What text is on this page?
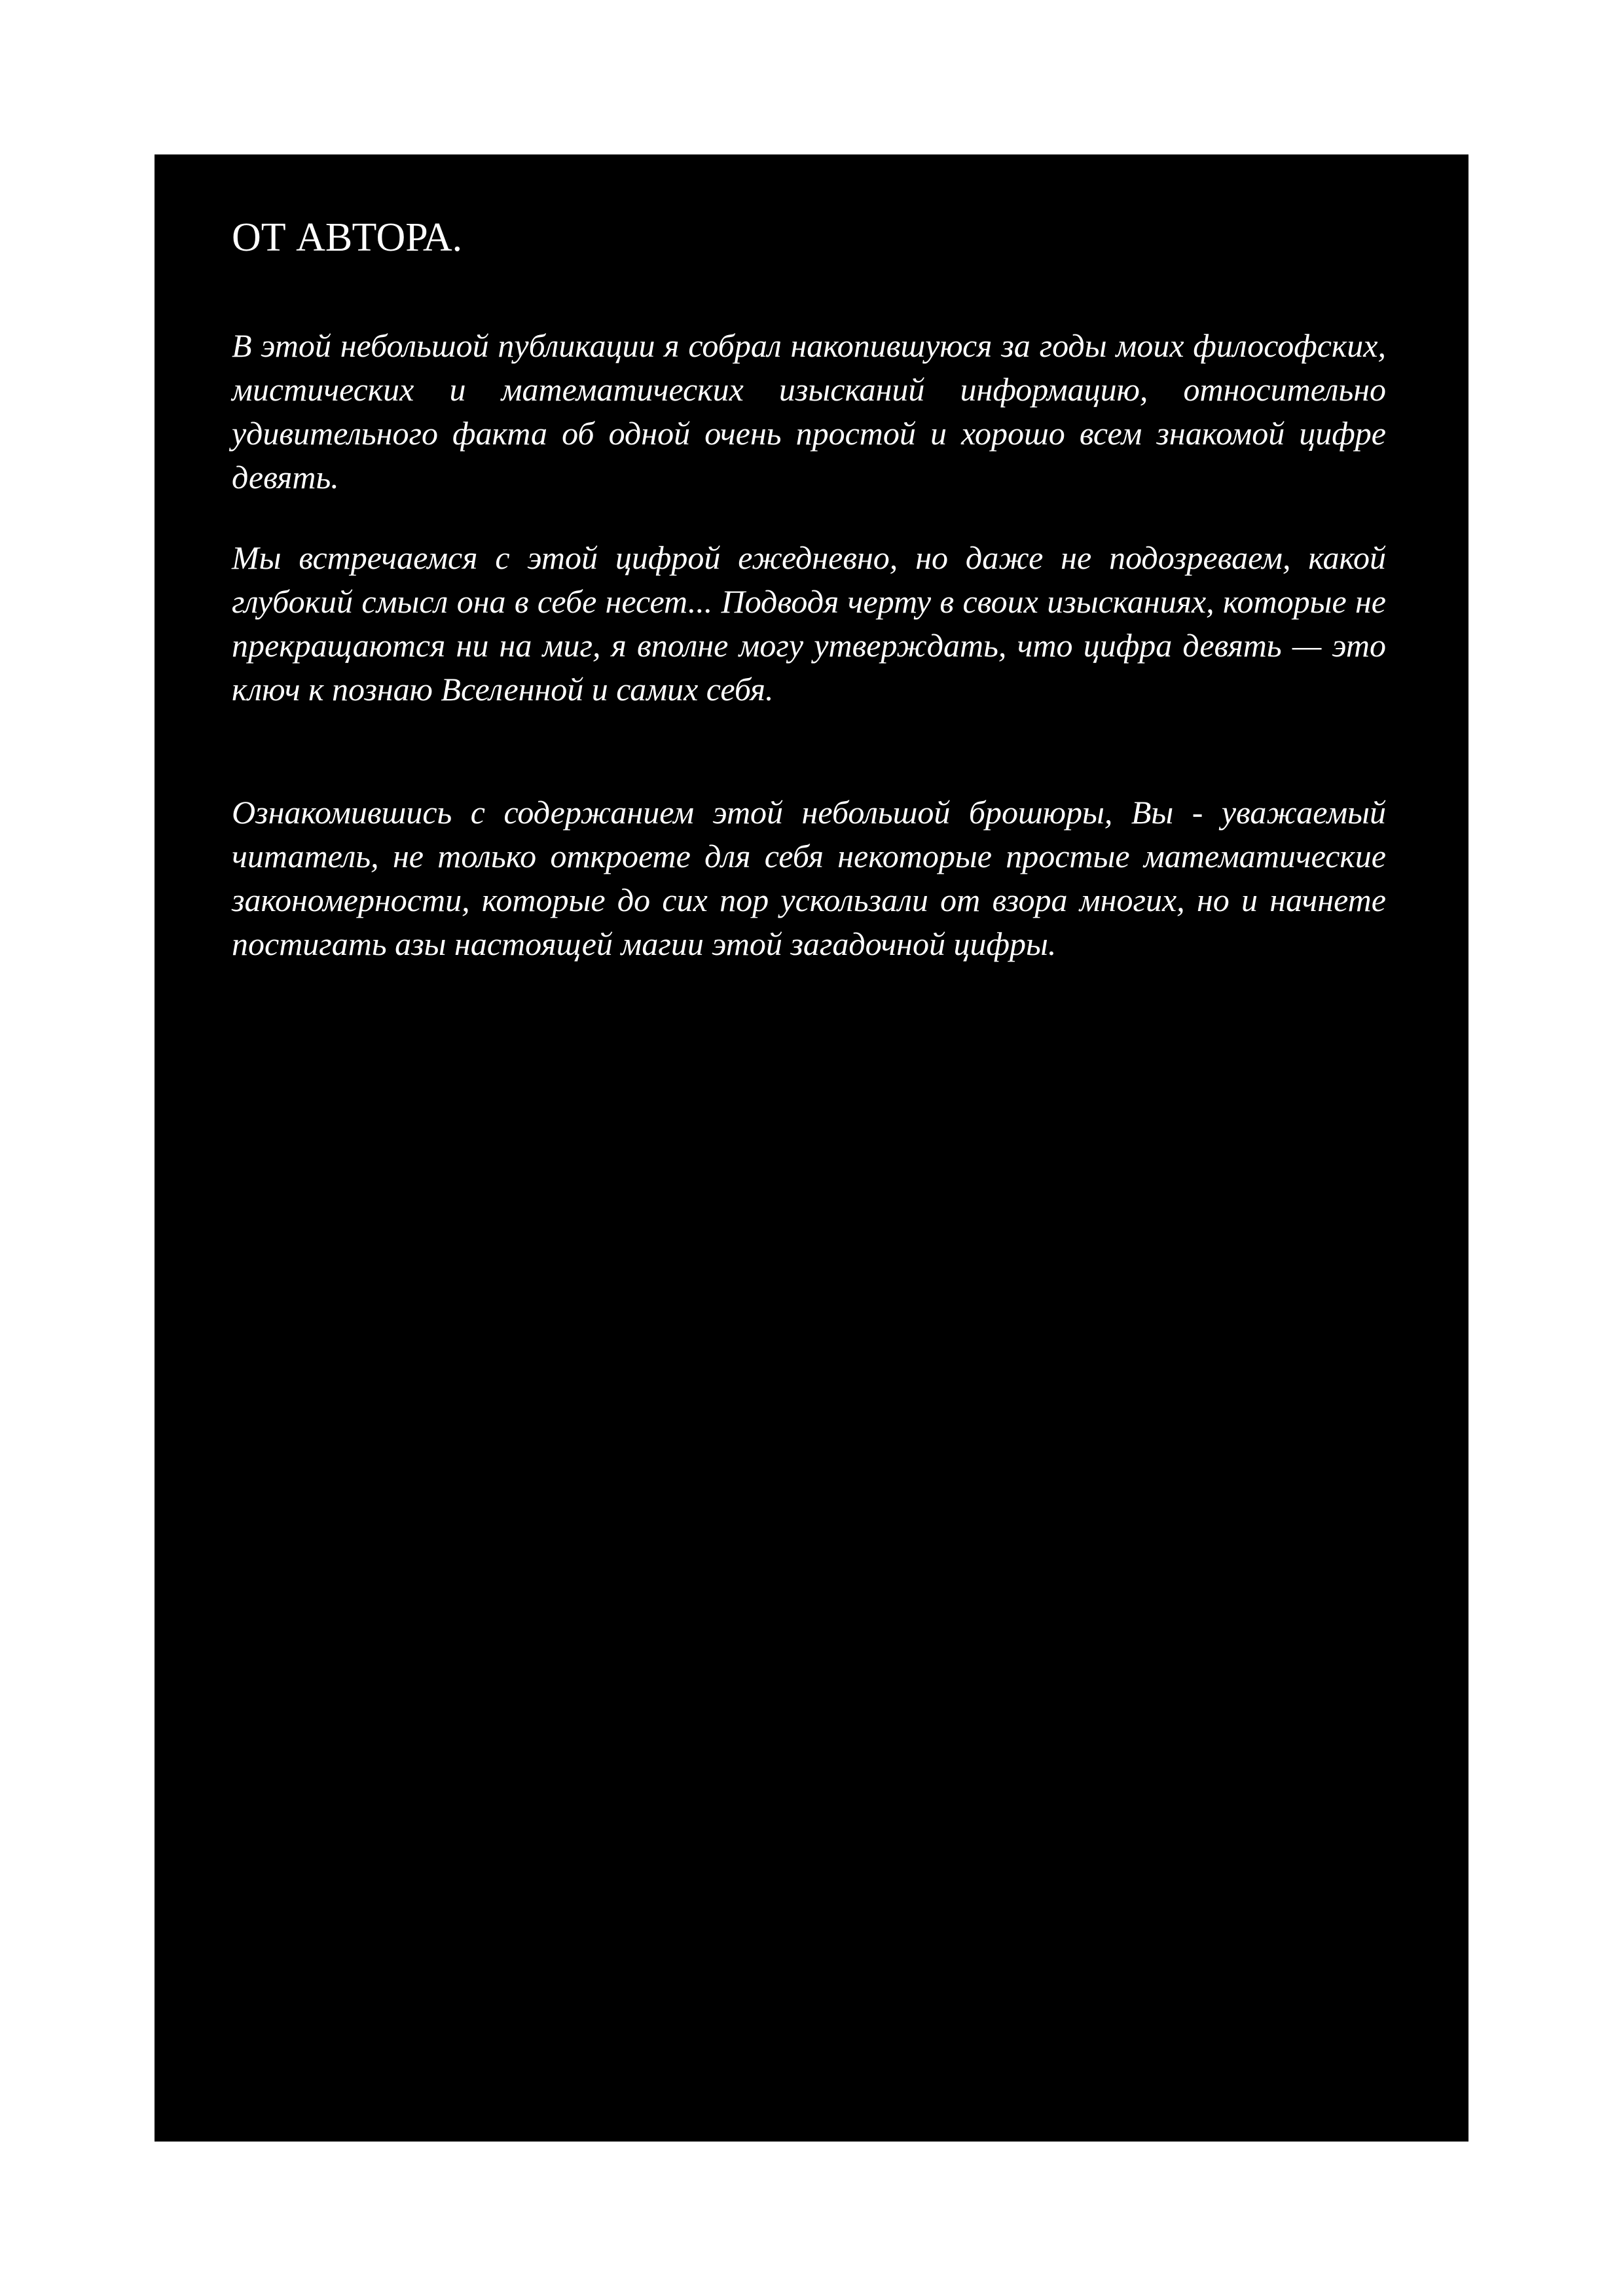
ОТ АВТОРА.

В этой небольшой публикации я собрал накопившуюся за годы моих философских, мистических и математических изысканий информацию, относительно удивительного факта об одной очень простой и хорошо всем знакомой цифре девять.

Мы встречаемся с этой цифрой ежедневно, но даже не подозреваем, какой глубокий смысл она в себе несет... Подводя черту в своих изысканиях, которые не прекращаются ни на миг, я вполне могу утверждать, что цифра девять — это ключ к познаю Вселенной и самих себя.

Ознакомившись с содержанием этой небольшой брошюры, Вы - уважаемый читатель, не только откроете для себя некоторые простые математические закономерности, которые до сих пор ускользали от взора многих, но и начнете постигать азы настоящей магии этой загадочной цифры.
